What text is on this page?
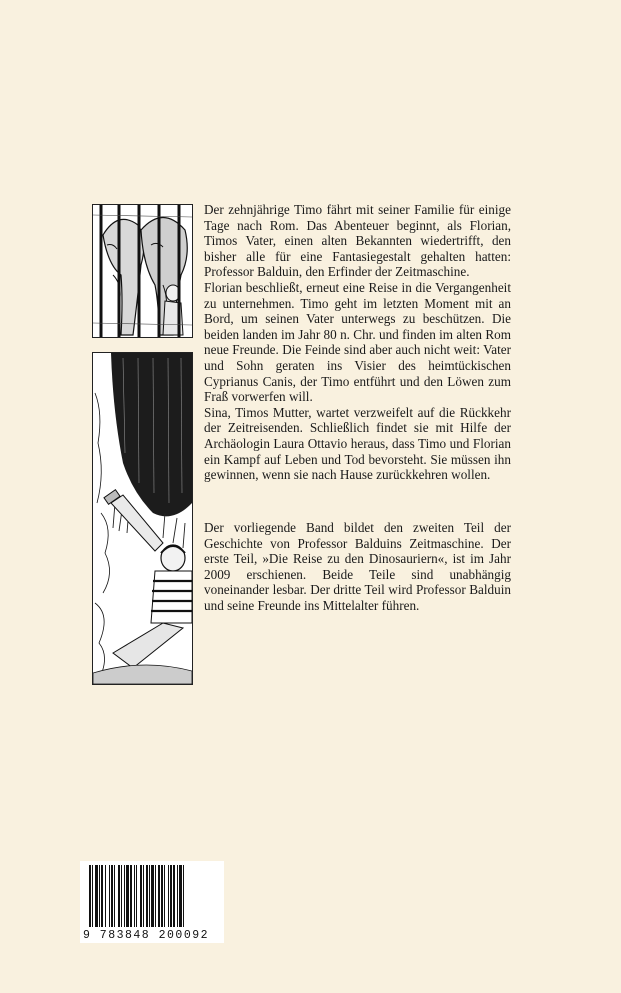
Der zehnjährige Timo fährt mit seiner Familie für einige Tage nach Rom. Das Abenteuer beginnt, als Florian, Timos Vater, einen alten Bekannten wiedertrifft, den bisher alle für eine Fantasiegestalt gehalten hatten: Professor Balduin, den Erfinder der Zeitmaschine.

Florian beschließt, erneut eine Reise in die Vergangenheit zu unternehmen. Timo geht im letzten Moment mit an Bord, um seinen Vater unterwegs zu beschützen. Die beiden landen im Jahr 80 n. Chr. und finden im alten Rom neue Freunde. Die Feinde sind aber auch nicht weit: Vater und Sohn geraten ins Visier des heimtückischen Cyprianus Canis, der Timo entführt und den Löwen zum Fraß vorwerfen will.

Sina, Timos Mutter, wartet verzweifelt auf die Rückkehr der Zeitreisenden. Schließlich findet sie mit Hilfe der Archäologin Laura Ottavio heraus, dass Timo und Florian ein Kampf auf Leben und Tod bevorsteht. Sie müssen ihn gewinnen, wenn sie nach Hause zurückkehren wollen.

Der vorliegende Band bildet den zweiten Teil der Geschichte von Professor Balduins Zeitmaschine. Der erste Teil, »Die Reise zu den Dinosauriern«, ist im Jahr 2009 erschienen. Beide Teile sind unabhängig voneinander lesbar. Der dritte Teil wird Professor Balduin und seine Freunde ins Mittelalter führen.

9 783848 200092
